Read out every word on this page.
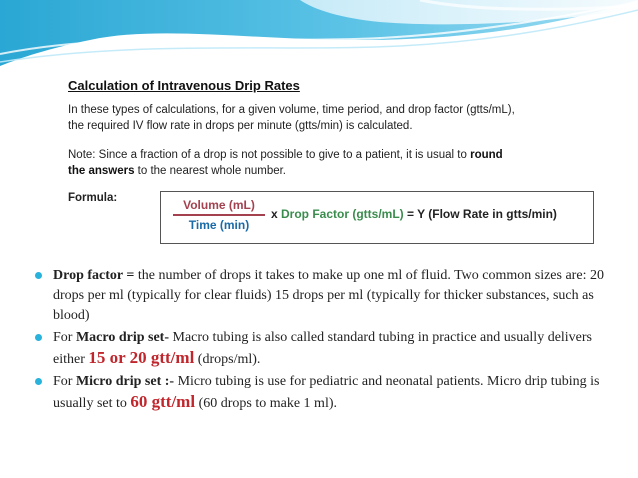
Calculation of Intravenous Drip Rates
In these types of calculations, for a given volume, time period, and drop factor (gtts/mL),
the required IV flow rate in drops per minute (gtts/min) is calculated.
Note: Since a fraction of a drop is not possible to give to a patient, it is usual to round
the answers to the nearest whole number.
Formula:	Volume (mL)
Time (min)
x Drop Factor (gtts/mL) = Y (Flow Rate in gtts/min)
Drop factor = the number of drops it takes to make up one ml of fluid. Two common sizes are: 20 drops per ml (typically for clear fluids) 15 drops per ml (typically for thicker substances, such as blood)
For Macro drip set- Macro tubing is also called standard tubing in practice and usually delivers either 15 or 20 gtt/ml (drops/ml).
For Micro drip set :- Micro tubing is use for pediatric and neonatal patients. Micro drip tubing is usually set to 60 gtt/ml (60 drops to make 1 ml).
